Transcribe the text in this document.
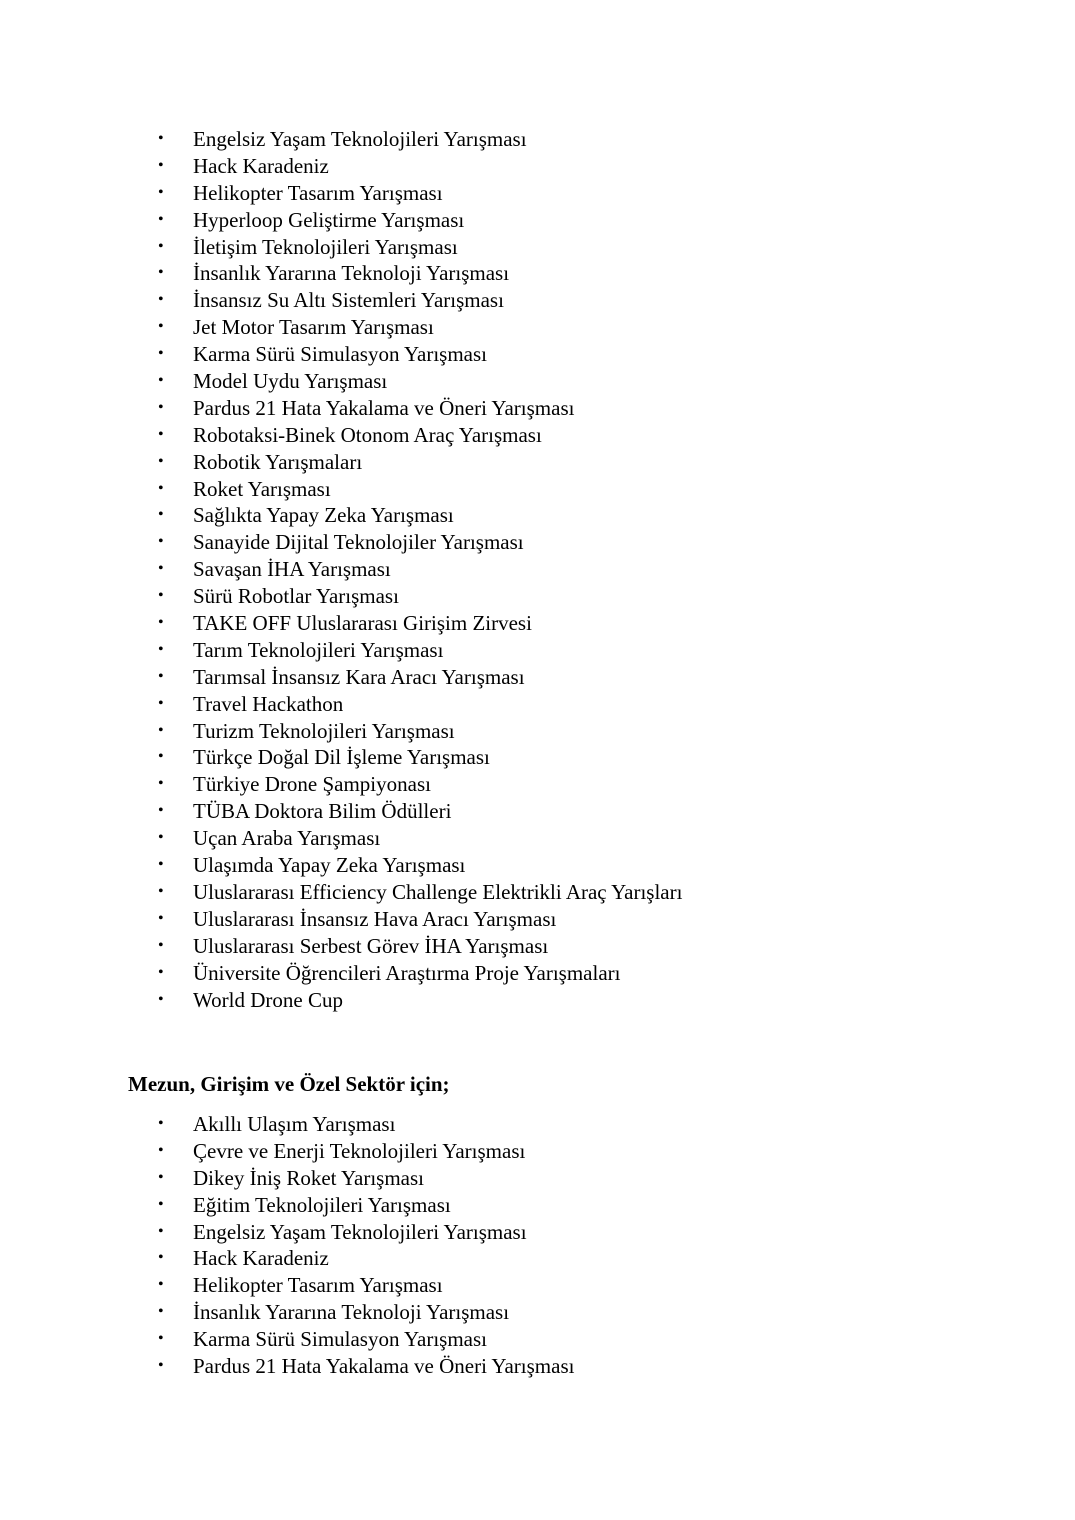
• Engelsiz Yaşam Teknolojileri Yarışması
• Hack Karadeniz
• Helikopter Tasarım Yarışması
• Hyperloop Geliştirme Yarışması
• İletişim Teknolojileri Yarışması
• İnsanlık Yararına Teknoloji Yarışması
• İnsansız Su Altı Sistemleri Yarışması
• Jet Motor Tasarım Yarışması
• Karma Sürü Simulasyon Yarışması
• Model Uydu Yarışması
• Pardus 21 Hata Yakalama ve Öneri Yarışması
• Robotaksi-Binek Otonom Araç Yarışması
• Robotik Yarışmaları
• Roket Yarışması
• Sağlıkta Yapay Zeka Yarışması
• Sanayide Dijital Teknolojiler Yarışması
• Savaşan İHA Yarışması
• Sürü Robotlar Yarışması
• TAKE OFF Uluslararası Girişim Zirvesi
• Tarım Teknolojileri Yarışması
• Tarımsal İnsansız Kara Aracı Yarışması
• Travel Hackathon
• Turizm Teknolojileri Yarışması
• Türkçe Doğal Dil İşleme Yarışması
• Türkiye Drone Şampiyonası
• TÜBA Doktora Bilim Ödülleri
• Uçan Araba Yarışması
• Ulaşımda Yapay Zeka Yarışması
• Uluslararası Efficiency Challenge Elektrikli Araç Yarışları
• Uluslararası İnsansız Hava Aracı Yarışması
• Uluslararası Serbest Görev İHA Yarışması
• Üniversite Öğrencileri Araştırma Proje Yarışmaları
• World Drone Cup

Mezun, Girişim ve Özel Sektör için;

• Akıllı Ulaşım Yarışması
• Çevre ve Enerji Teknolojileri Yarışması
• Dikey İniş Roket Yarışması
• Eğitim Teknolojileri Yarışması
• Engelsiz Yaşam Teknolojileri Yarışması
• Hack Karadeniz
• Helikopter Tasarım Yarışması
• İnsanlık Yararına Teknoloji Yarışması
• Karma Sürü Simulasyon Yarışması
• Pardus 21 Hata Yakalama ve Öneri Yarışması
